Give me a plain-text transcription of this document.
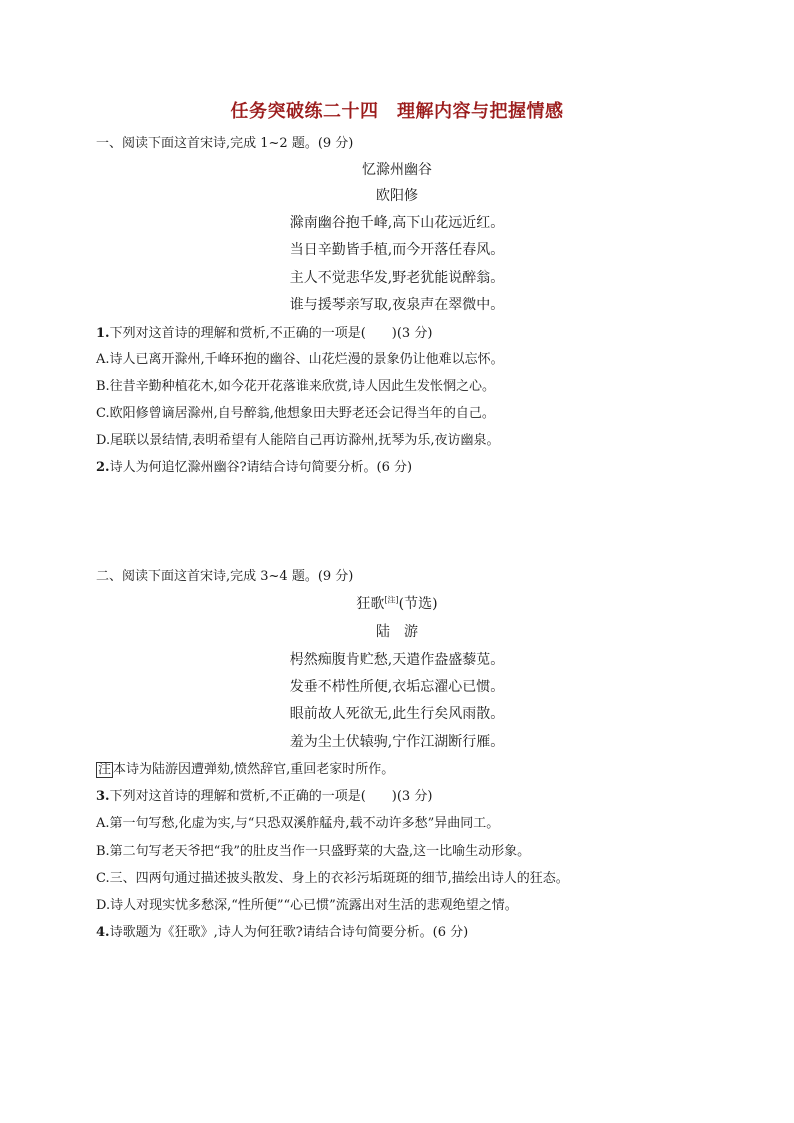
任务突破练二十四　理解内容与把握情感
一、阅读下面这首宋诗,完成 1~2 题。(9 分)
忆滁州幽谷
欧阳修
滁南幽谷抱千峰,高下山花远近红。
当日辛勤皆手植,而今开落任春风。
主人不觉悲华发,野老犹能说醉翁。
谁与援琴亲写取,夜泉声在翠微中。
1.下列对这首诗的理解和赏析,不正确的一项是(　　)(3 分)
A.诗人已离开滁州,千峰环抱的幽谷、山花烂漫的景象仍让他难以忘怀。
B.往昔辛勤种植花木,如今花开花落谁来欣赏,诗人因此生发怅惘之心。
C.欧阳修曾谪居滁州,自号醉翁,他想象田夫野老还会记得当年的自己。
D.尾联以景结情,表明希望有人能陪自己再访滁州,抚琴为乐,夜访幽泉。
2.诗人为何追忆滁州幽谷?请结合诗句简要分析。(6 分)
二、阅读下面这首宋诗,完成 3~4 题。(9 分)
狂歌[注](节选)
陆　游
枵然痴腹肯贮愁,天遣作盎盛藜苋。
发垂不栉性所便,衣垢忘濯心已惯。
眼前故人死欲无,此生行矣风雨散。
羞为尘土伏辕驹,宁作江湖断行雁。
注 本诗为陆游因遭弹劾,愤然辞官,重回老家时所作。
3.下列对这首诗的理解和赏析,不正确的一项是(　　)(3 分)
A.第一句写愁,化虚为实,与“只恐双溪舴艋舟,载不动许多愁”异曲同工。
B.第二句写老天爷把“我”的肚皮当作一只盛野菜的大盎,这一比喻生动形象。
C.三、四两句通过描述披头散发、身上的衣衫污垢斑斑的细节,描绘出诗人的狂态。
D.诗人对现实忧多愁深,“性所便”“心已惯”流露出对生活的悲观绝望之情。
4.诗歌题为《狂歌》,诗人为何狂歌?请结合诗句简要分析。(6 分)
